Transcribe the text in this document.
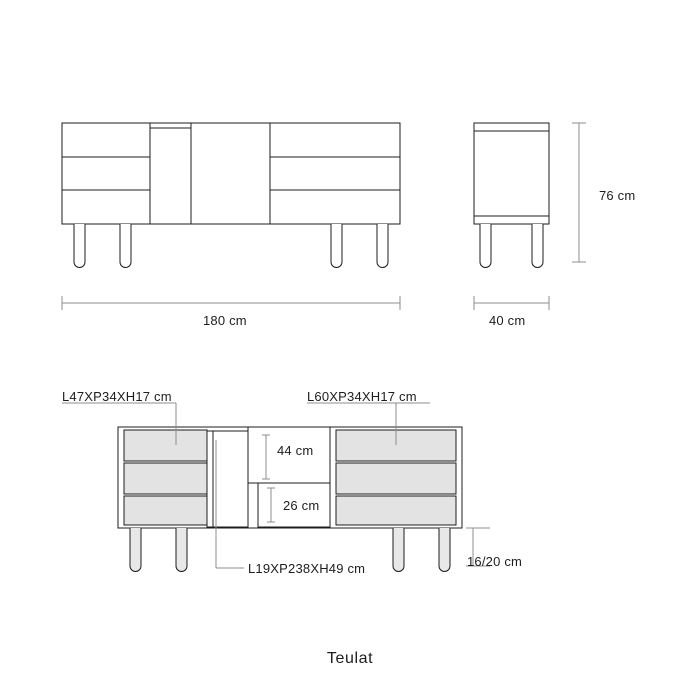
180 cm
76 cm
40 cm
L47XP34XH17 cm	L60XP34XH17 cm
L19XP238XH49 cm
44 cm
26 cm
16/20 cm
Teulat
